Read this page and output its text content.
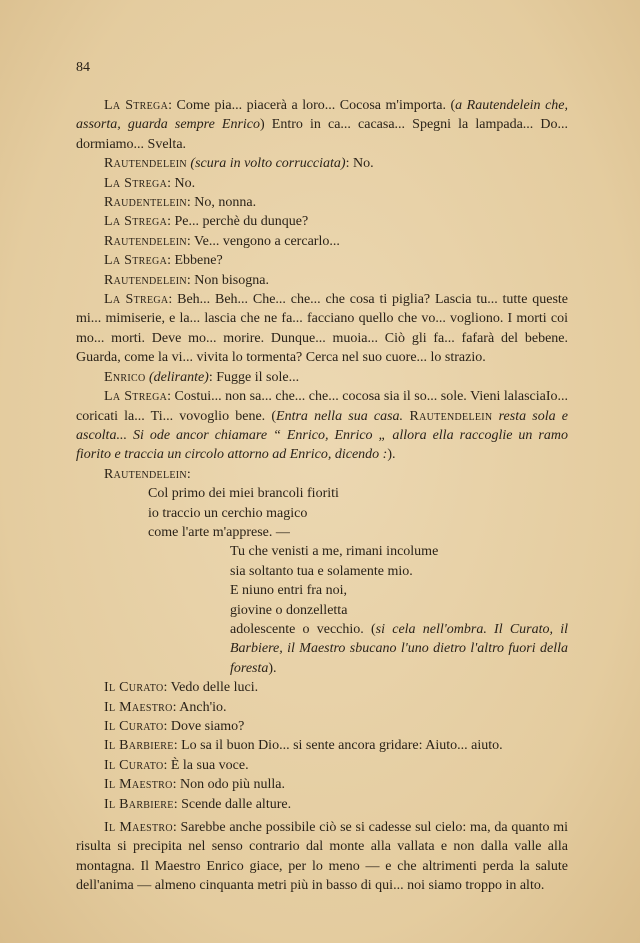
84

La Strega: Come pia... piacerà a loro... Cocosa m'importa. (a Rautendelein che, assorta, guarda sempre Enrico) Entro in ca... cacasa... Spegni la lampada... Do... dormiamo... Svelta.

Rautendelein (scura in volto corrucciata): No.

La Strega: No.

Raudentelein: No, nonna.

La Strega: Pe... perchè du dunque?

Rautendelein: Ve... vengono a cercarlo...

La Strega: Ebbene?

Rautendelein: Non bisogna.

La Strega: Beh... Beh... Che... che... che cosa ti piglia? Lascia tu... tutte queste mi... mimiserie, e la... lascia che ne fa... facciano quello che vo... vogliono. I morti coi mo... morti. Deve mo... morire. Dunque... muoia... Ciò gli fa... fafarà del bebene. Guarda, come la vi... vivita lo tormenta? Cerca nel suo cuore... lo strazio.

Enrico (delirante): Fugge il sole...

La Strega: Costui... non sa... che... che... cocosa sia il so... sole. Vieni lalasciaIo... coricati la... Ti... vovoglio bene. (Entra nella sua casa. Rautendelein resta sola e ascolta... Si ode ancor chiamare “ Enrico, Enrico „ allora ella raccoglie un ramo fiorito e traccia un circolo attorno ad Enrico, dicendo :).

Rautendelein:

Col primo dei miei brancoli fioriti

io traccio un cerchio magico

come l'arte m'apprese. —

Tu che venisti a me, rimani incolume

sia soltanto tua e solamente mio.

E niuno entri fra noi,

giovine o donzelletta

adolescente o vecchio. (si cela nell'ombra. Il Curato, il Barbiere, il Maestro sbucano l'uno dietro l'altro fuori della foresta).

Il Curato: Vedo delle luci.

Il Maestro: Anch'io.

Il Curato: Dove siamo?

Il Barbiere: Lo sa il buon Dio... si sente ancora gridare: Aiuto... aiuto.

Il Curato: È la sua voce.

Il Maestro: Non odo più nulla.

Il Barbiere: Scende dalle alture.

Il Maestro: Sarebbe anche possibile ciò se si cadesse sul cielo: ma, da quanto mi risulta si precipita nel senso contrario dal monte alla vallata e non dalla valle alla montagna. Il Maestro Enrico giace, per lo meno — e che altrimenti perda la salute dell'anima — almeno cinquanta metri più in basso di qui... noi siamo troppo in alto.
